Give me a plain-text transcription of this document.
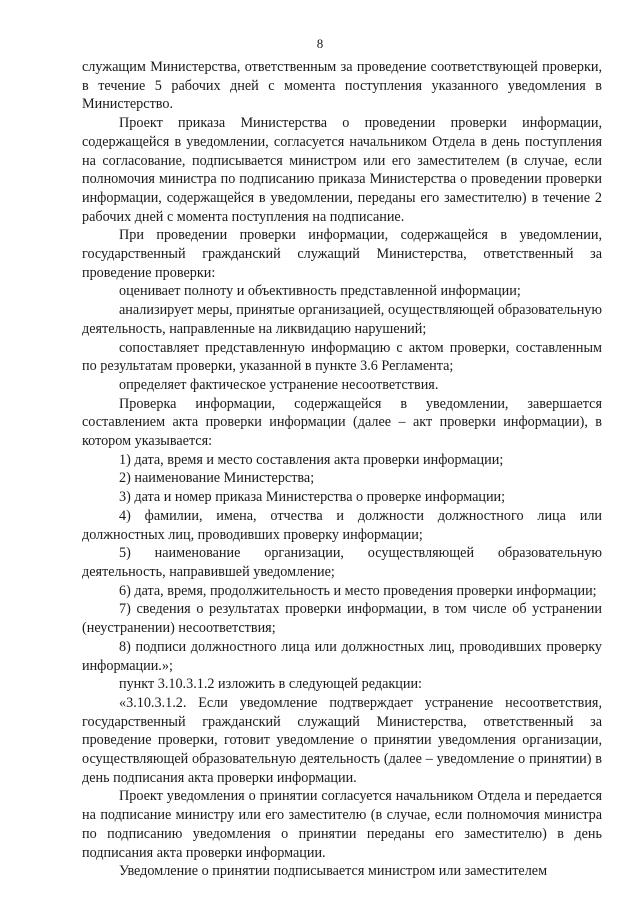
8

служащим Министерства, ответственным за проведение соответствующей проверки, в течение 5 рабочих дней с момента поступления указанного уведомления в Министерство.

Проект приказа Министерства о проведении проверки информации, содержащейся в уведомлении, согласуется начальником Отдела в день поступления на согласование, подписывается министром или его заместителем (в случае, если полномочия министра по подписанию приказа Министерства о проведении проверки информации, содержащейся в уведомлении, переданы его заместителю) в течение 2 рабочих дней с момента поступления на подписание.

При проведении проверки информации, содержащейся в уведомлении, государственный гражданский служащий Министерства, ответственный за проведение проверки:

оценивает полноту и объективность представленной информации;

анализирует меры, принятые организацией, осуществляющей образовательную деятельность, направленные на ликвидацию нарушений;

сопоставляет представленную информацию с актом проверки, составленным по результатам проверки, указанной в пункте 3.6 Регламента;

определяет фактическое устранение несоответствия.

Проверка информации, содержащейся в уведомлении, завершается составлением акта проверки информации (далее – акт проверки информации), в котором указывается:

1) дата, время и место составления акта проверки информации;

2) наименование Министерства;

3) дата и номер приказа Министерства о проверке информации;

4) фамилии, имена, отчества и должности должностного лица или должностных лиц, проводивших проверку информации;

5) наименование организации, осуществляющей образовательную деятельность, направившей уведомление;

6) дата, время, продолжительность и место проведения проверки информации;

7) сведения о результатах проверки информации, в том числе об устранении (неустранении) несоответствия;

8) подписи должностного лица или должностных лиц, проводивших проверку информации.»;

пункт 3.10.3.1.2 изложить в следующей редакции:

«3.10.3.1.2. Если уведомление подтверждает устранение несоответствия, государственный гражданский служащий Министерства, ответственный за проведение проверки, готовит уведомление о принятии уведомления организации, осуществляющей образовательную деятельность (далее – уведомление о принятии) в день подписания акта проверки информации.

Проект уведомления о принятии согласуется начальником Отдела и передается на подписание министру или его заместителю (в случае, если полномочия министра по подписанию уведомления о принятии переданы его заместителю) в день подписания акта проверки информации.

Уведомление о принятии подписывается министром или заместителем
